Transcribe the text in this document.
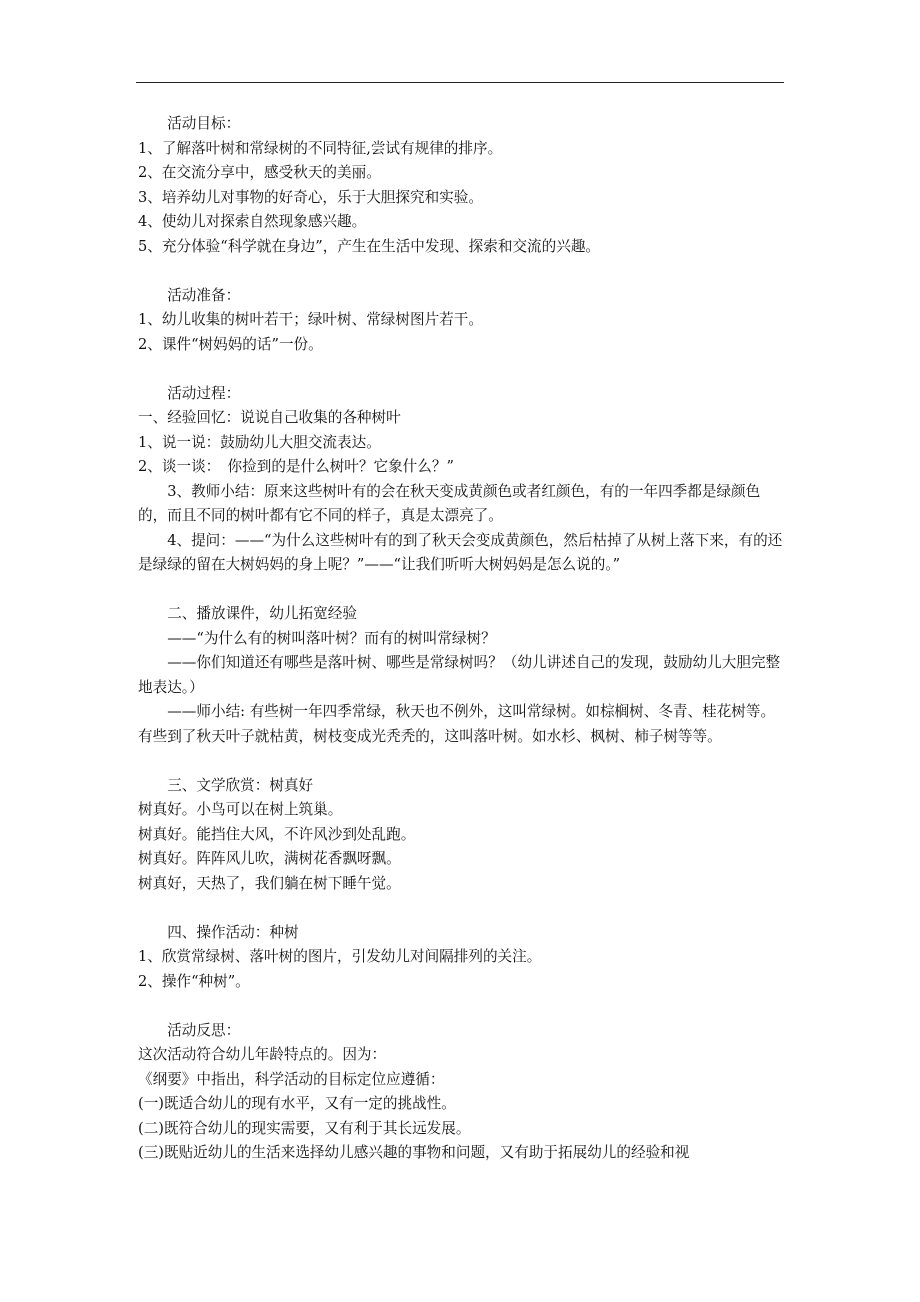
活动目标：

1、了解落叶树和常绿树的不同特征,尝试有规律的排序。

2、在交流分享中，感受秋天的美丽。

3、培养幼儿对事物的好奇心，乐于大胆探究和实验。

4、使幼儿对探索自然现象感兴趣。

5、充分体验“科学就在身边”，产生在生活中发现、探索和交流的兴趣。

活动准备：

1、幼儿收集的树叶若干；绿叶树、常绿树图片若干。

2、课件“树妈妈的话”一份。

活动过程：

一、经验回忆：说说自己收集的各种树叶

1、说一说：鼓励幼儿大胆交流表达。

2、谈一谈：　你捡到的是什么树叶？它象什么？”

3、教师小结：原来这些树叶有的会在秋天变成黄颜色或者红颜色，有的一年四季都是绿颜色的，而且不同的树叶都有它不同的样子，真是太漂亮了。

4、提问：——“为什么这些树叶有的到了秋天会变成黄颜色，然后枯掉了从树上落下来，有的还是绿绿的留在大树妈妈的身上呢？”——“让我们听听大树妈妈是怎么说的。”

二、播放课件，幼儿拓宽经验

——“为什么有的树叫落叶树？而有的树叫常绿树？

——你们知道还有哪些是落叶树、哪些是常绿树吗？（幼儿讲述自己的发现，鼓励幼儿大胆完整地表达。）

——师小结: 有些树一年四季常绿，秋天也不例外，这叫常绿树。如棕榈树、冬青、桂花树等。有些到了秋天叶子就枯黄，树枝变成光秃秃的，这叫落叶树。如水杉、枫树、柿子树等等。

三、文学欣赏：树真好

树真好。小鸟可以在树上筑巢。

树真好。能挡住大风，不许风沙到处乱跑。

树真好。阵阵风儿吹，满树花香飘呀飘。

树真好，天热了，我们躺在树下睡午觉。

四、操作活动：种树

1、欣赏常绿树、落叶树的图片，引发幼儿对间隔排列的关注。

2、操作“种树”。

活动反思：

这次活动符合幼儿年龄特点的。因为：

《纲要》中指出，科学活动的目标定位应遵循：

(一)既适合幼儿的现有水平，又有一定的挑战性。

(二)既符合幼儿的现实需要，又有利于其长远发展。

(三)既贴近幼儿的生活来选择幼儿感兴趣的事物和问题，又有助于拓展幼儿的经验和视
